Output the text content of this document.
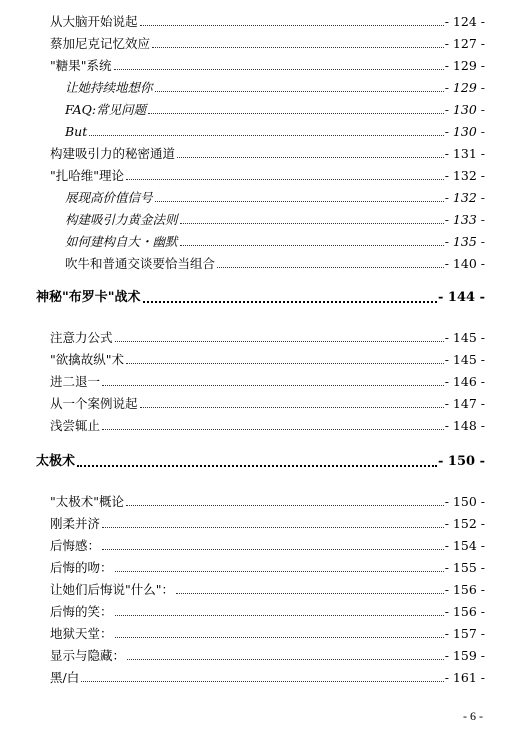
从大脑开始说起	- 124 -
蔡加尼克记忆效应	- 127 -
"糖果"系统	- 129 -
让她持续地想你	- 129 -
FAQ:常见问题	- 130 -
But	- 130 -
构建吸引力的秘密通道	- 131 -
"扎哈维"理论	- 132 -
展现高价值信号	- 132 -
构建吸引力黄金法则	- 133 -
如何建构自大・幽默	- 135 -
吹牛和普通交谈要恰当组合	- 140 -
神秘"布罗卡"战术	- 144 -
注意力公式	- 145 -
"欲擒故纵"术	- 145 -
进二退一	- 146 -
从一个案例说起	- 147 -
浅尝辄止	- 148 -
太极术	- 150 -
"太极术"概论	- 150 -
刚柔并济	- 152 -
后悔感：	- 154 -
后悔的吻：	- 155 -
让她们后悔说"什么"：	- 156 -
后悔的笑：	- 156 -
地狱天堂：	- 157 -
显示与隐藏：	- 159 -
黑/白	- 161 -
- 6 -
